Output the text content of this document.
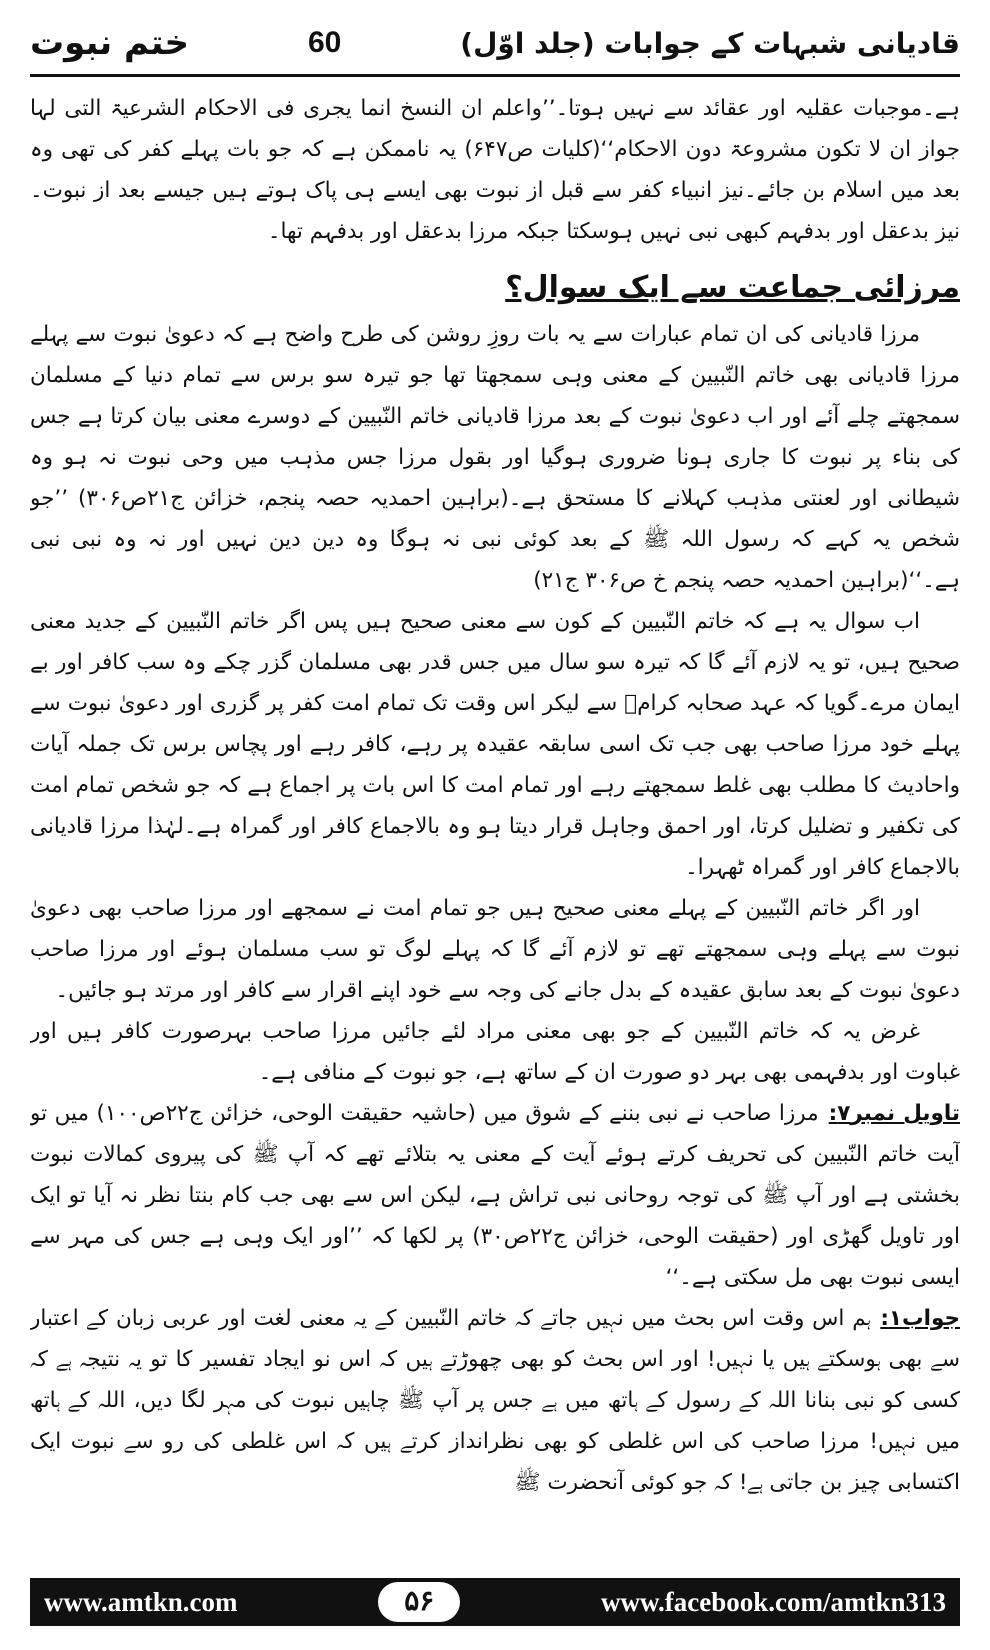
ختم نبوت	60	قادیانی شبہات کے جوابات (جلد اوّل)

ہے۔موجبات عقلیہ اور عقائد سے نہیں ہوتا۔’’واعلم ان النسخ انما یجری فی الاحکام الشرعیۃ التی لہا جواز ان لا تکون مشروعۃ دون الاحکام‘‘(کلیات ص۶۴۷) یہ ناممکن ہے کہ جو بات پہلے کفر کی تھی وہ بعد میں اسلام بن جائے۔نیز انبیاء کفر سے قبل از نبوت بھی ایسے ہی پاک ہوتے ہیں جیسے بعد از نبوت۔نیز بدعقل اور بدفہم کبھی نبی نہیں ہوسکتا جبکہ مرزا بدعقل اور بدفہم تھا۔

مرزائی جماعت سے ایک سوال؟

مرزا قادیانی کی ان تمام عبارات سے یہ بات روزِ روشن کی طرح واضح ہے کہ دعویٰ نبوت سے پہلے مرزا قادیانی بھی خاتم النّبیین کے معنی وہی سمجھتا تھا جو تیرہ سو برس سے تمام دنیا کے مسلمان سمجھتے چلے آئے اور اب دعویٰ نبوت کے بعد مرزا قادیانی خاتم النّبیین کے دوسرے معنی بیان کرتا ہے جس کی بناء پر نبوت کا جاری ہونا ضروری ہوگیا اور بقول مرزا جس مذہب میں وحی نبوت نہ ہو وہ شیطانی اور لعنتی مذہب کہلانے کا مستحق ہے۔(براہین احمدیہ حصہ پنجم، خزائن ج۲۱ص۳۰۶) ’’جو شخص یہ کہے کہ رسول اللہ ﷺ کے بعد کوئی نبی نہ ہوگا وہ دین دین نہیں اور نہ وہ نبی نبی ہے۔‘‘(براہین احمدیہ حصہ پنجم خ ص۳۰۶ ج۲۱)

اب سوال یہ ہے کہ خاتم النّبیین کے کون سے معنی صحیح ہیں پس اگر خاتم النّبیین کے جدید معنی صحیح ہیں، تو یہ لازم آئے گا کہ تیرہ سو سال میں جس قدر بھی مسلمان گزر چکے وہ سب کافر اور بے ایمان مرے۔گویا کہ عہد صحابہ کرامؓ سے لیکر اس وقت تک تمام امت کفر پر گزری اور دعویٰ نبوت سے پہلے خود مرزا صاحب بھی جب تک اسی سابقہ عقیدہ پر رہے، کافر رہے اور پچاس برس تک جملہ آیات واحادیث کا مطلب بھی غلط سمجھتے رہے اور تمام امت کا اس بات پر اجماع ہے کہ جو شخص تمام امت کی تکفیر و تضلیل کرتا، اور احمق وجاہل قرار دیتا ہو وہ بالاجماع کافر اور گمراہ ہے۔لہٰذا مرزا قادیانی بالاجماع کافر اور گمراہ ٹھہرا۔

اور اگر خاتم النّبیین کے پہلے معنی صحیح ہیں جو تمام امت نے سمجھے اور مرزا صاحب بھی دعویٰ نبوت سے پہلے وہی سمجھتے تھے تو لازم آئے گا کہ پہلے لوگ تو سب مسلمان ہوئے اور مرزا صاحب دعویٰ نبوت کے بعد سابق عقیدہ کے بدل جانے کی وجہ سے خود اپنے اقرار سے کافر اور مرتد ہو جائیں۔

غرض یہ کہ خاتم النّبیین کے جو بھی معنی مراد لئے جائیں مرزا صاحب بہرصورت کافر ہیں اور غباوت اور بدفہمی بھی بہر دو صورت ان کے ساتھ ہے، جو نبوت کے منافی ہے۔

تاویل نمبر۷:مرزا صاحب نے نبی بننے کے شوق میں (حاشیہ حقیقت الوحی، خزائن ج۲۲ص۱۰۰) میں تو آیت خاتم النّبیین کی تحریف کرتے ہوئے آیت کے معنی یہ بتلائے تھے کہ آپ ﷺ کی پیروی کمالات نبوت بخشتی ہے اور آپ ﷺ کی توجہ روحانی نبی تراش ہے، لیکن اس سے بھی جب کام بنتا نظر نہ آیا تو ایک اور تاویل گھڑی اور (حقیقت الوحی، خزائن ج۲۲ص۳۰) پر لکھا کہ ’’اور ایک وہی ہے جس کی مہر سے ایسی نبوت بھی مل سکتی ہے۔‘‘

جواب۱:ہم اس وقت اس بحث میں نہیں جاتے کہ خاتم النّبیین کے یہ معنی لغت اور عربی زبان کے اعتبار سے بھی ہوسکتے ہیں یا نہیں! اور اس بحث کو بھی چھوڑتے ہیں کہ اس نو ایجاد تفسیر کا تو یہ نتیجہ ہے کہ کسی کو نبی بنانا اللہ کے رسول کے ہاتھ میں ہے جس پر آپ ﷺ چاہیں نبوت کی مہر لگا دیں، اللہ کے ہاتھ میں نہیں! مرزا صاحب کی اس غلطی کو بھی نظرانداز کرتے ہیں کہ اس غلطی کی رو سے نبوت ایک اکتسابی چیز بن جاتی ہے! کہ جو کوئی آنحضرت ﷺ

www.amtkn.com	۵۶	www.facebook.com/amtkn313
